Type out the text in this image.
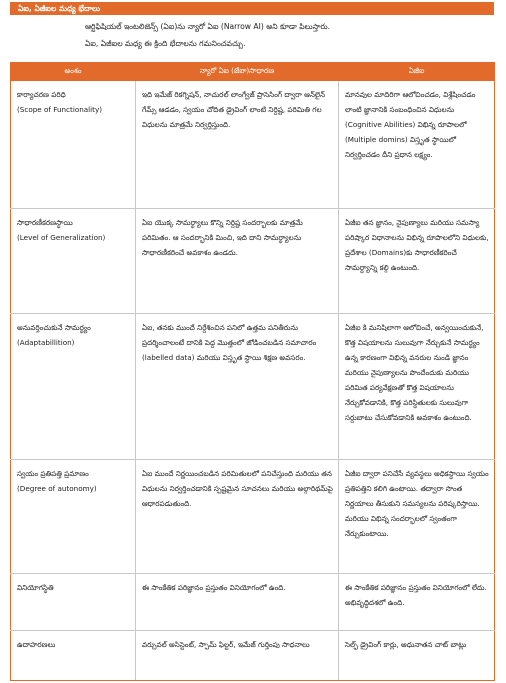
ఏఐ, ఏజీఐల మధ్య భేదాలు
ఆర్టిఫిషియల్ ఇంటలిజెన్స్ (ఏఐ)ను న్యారో ఏఐ (Narrow AI) అని కూడా పిలుస్తారు.
ఏఐ, ఏజీఐల మధ్య ఈ క్రింది భేదాలను గమనించవచ్చు.
అంశం	న్యారో ఏఐ (జేఐా)సాధారణ	ఏజీఐ

కార్యాచరణ పరిధి
(Scope of Functionality)	ఇది ఇమేజ్ రికగ్నిషన్, నాచురల్ లాంగ్వేజ్ ప్రాసెసింగ్ ద్వారా ఆన్‌లైన్ గేమ్స్ ఆడడం, స్వయం చోదిత డ్రైవింగ్ లాంటి నిర్దిష్ట, పరిమితి గల విధులను మాత్రమే నిర్వర్తిస్తుంది.	మానవుల మాదిరిగా ఆలోచించడం, విశ్లేషించడం లాంటి జ్ఞానానికి సంబంధించిన విధులను (Cognitive Abilities) విభిన్న రూపాలలో (Multiple domins) విస్తృత స్థాయిలో నిర్వర్తించడం దీని ప్రధాన లక్ష్యం.

సాధారణీకరణస్థాయి
(Level of Generalization)	ఏఐ యొక్క సామర్థ్యాలు కొన్ని నిర్దిష్ట సందర్భాలకు మాత్రమే పరిమితం. ఆ సందర్భానికి మించి, ఇది దాని సామర్థ్యాలను సాధారణీకరించే అవకాశం ఉండదు.	ఏజీఐ తన జ్ఞానం, నైపుణ్యాలు మరియు సమస్యా పరిష్కార విధానాలను విభిన్న రూపాలలోని విధులకు, ప్రదేశాల (Domains)కు సాధారణీకరించే సామర్థ్యాన్ని కల్గి ఉంటుంది.

అనువర్తించుకునే సామర్థ్యం
(Adaptabillition)	ఏఐ, తనకు ముందే నిర్దేశించిన పనిలో ఉత్తమ పనితీరును ప్రదర్శించాలంటే దానికి పెద్ద మొత్తంలో జోడించబడిన సమాచారం (labelled data) మరియు విస్తృత స్థాయి శిక్షణ అవసరం.	ఏజీఐ కి మనిషిలాగా ఆలోచించే, అన్వయించుకునే, కొత్త విషయాలను సులువుగా నేర్చుకునే సామర్థ్యం ఉన్న కారణంగా విభిన్న వనరుల నుండి జ్ఞానం మరియు నైపుణ్యాలను పొందేందుకు మరియు పరిమిత పర్యవేక్షణతో కొత్త విషయాలను నేర్చుకోవడానికి, కొత్త పరిస్థితులకు సులువుగా సర్దుబాటు చేసుకోవడానికి అవకాశం ఉంటుంది.

స్వయం ప్రతిపత్తి ప్రమాణం
(Degree of autonomy)	ఏఐ ముందే నిర్ణయించబడిన పరిమితులలో పనిచేస్తుంది మరియు తన విధులను నిర్వర్తించడానికి స్పష్టమైన సూచనలు మరియు అల్గారిథమ్‌పై ఆధారపడుతుంది.	ఏజీఐ ద్వారా పనిచేసే వ్యవస్థలు అధికస్థాయి స్వయం ప్రతిపత్తిని కలిగి ఉంటాయి. తద్వారా సొంత నిర్ణయాలు తీసుకుని సమస్యలను పరిష్కరిస్తాయి. మరియు విభిన్న సందర్భాలలో స్వంతంగా నేర్చుకుంటాయి.

వినియోగస్థితి	ఈ సాంకేతిక పరిజ్ఞానం ప్రస్తుతం వినియోగంలో ఉంది.	ఈ సాంకేతిక పరిజ్ఞానం ప్రస్తుతం వినియోగంలో లేదు. అభివృద్ధిదశలో ఉంది.

ఉదాహరణలు	వర్చువల్ అసిస్టెంట్, స్పామ్ ఫిల్టర్, ఇమేజ్ గుర్తింపు సాధనాలు	సెల్ఫ్ డ్రైవింగ్ కార్లు, అధునాతన చాట్ బాట్లు
